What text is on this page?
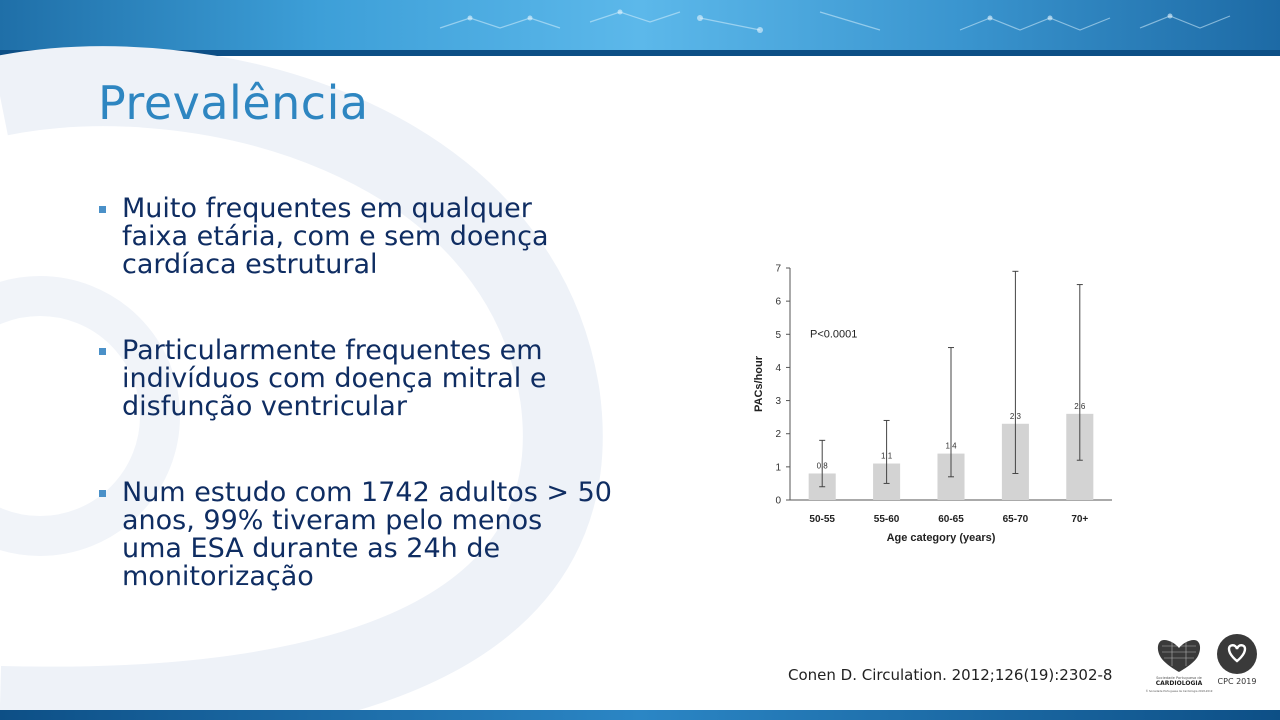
Prevalência
Muito frequentes em qualquer
faixa etária, com e sem doença
cardíaca estrutural
Particularmente frequentes em
indivíduos com doença mitral e
disfunção ventricular
Num estudo com 1742 adultos > 50
anos, 99% tiveram pelo menos
uma ESA durante as 24h de
monitorização
0
1
2
3
4
5
6
7
0.8
50-55
1.1
55-60
1.4
60-65
2.3
65-70
2.6
70+
Age category (years)
PACs/hour
P<0.0001

Conen D. Circulation. 2012;126(19):2302-8	Sociedade Portuguesa de
CARDIOLOGIA
© Sociedade Portuguesa de Cardiologia 2018-2019
CPC 2019
